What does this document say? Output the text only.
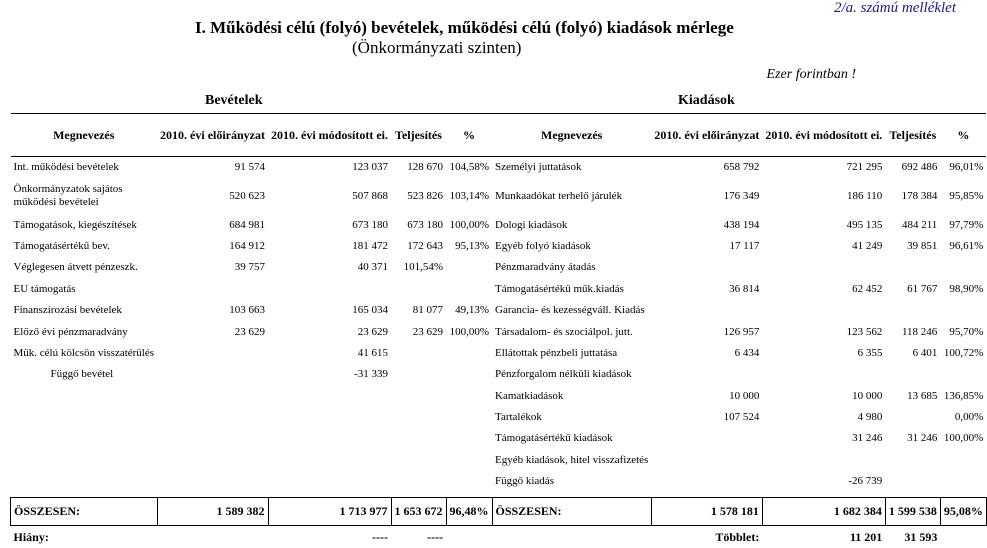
2/a. számú melléklet
I. Működési célú (folyó) bevételek, működési célú (folyó) kiadások mérlege
(Önkormányzati szinten)
Ezer forintban !
Bevételek	Kiadások
Megnevezés	2010. évi előirányzat	2010. évi módosított ei.	Teljesítés	%	Megnevezés	2010. évi előirányzat	2010. évi módosított ei.	Teljesítés	%
Int. működési bevételek	91 574	123 037	128 670	104,58%	Személyi juttatások	658 792	721 295	692 486	96,01%
Önkormányzatok sajátos működési bevételei	520 623	507 868	523 826	103,14%	Munkaadókat terhelő járulék	176 349	186 110	178 384	95,85%
Támogatások, kiegészítések	684 981	673 180	673 180	100,00%	Dologi kiadások	438 194	495 135	484 211	97,79%
Támogatásértékű bev.	164 912	181 472	172 643	95,13%	Egyéb folyó kiadások	17 117	41 249	39 851	96,61%
Véglegesen átvett pénzeszk.	39 757	40 371	101,54%		Pénzmaradvány átadás				
EU támogatás					Támogatásértékű műk.kiadás	36 814	62 452	61 767	98,90%
Finanszírozási bevételek	103 663	165 034	81 077	49,13%	Garancia- és kezességváll. Kiadás				
Előző évi pénzmaradvány	23 629	23 629	23 629	100,00%	Társadalom- és szociálpol. jutt.	126 957	123 562	118 246	95,70%
Műk. célú kölcsön visszatérülés		41 615			Ellátottak pénzbeli juttatása	6 434	6 355	6 401	100,72%
Függő bevétel		-31 339			Pénzforgalom nélküli kiadások				
					Kamatkiadások	10 000	10 000	13 685	136,85%
					Tartalékok	107 524	4 980		0,00%
					Támogatásértékű kiadások		31 246	31 246	100,00%
					Egyéb kiadások, hitel visszafizetés				
					Függő kiadás		-26 739		

ÖSSZESEN:	1 589 382	1 713 977	1 653 672	96,48%	ÖSSZESEN:	1 578 181	1 682 384	1 599 538	95,08%
Hiány:		----	----			Többlet:	11 201	31 593	
